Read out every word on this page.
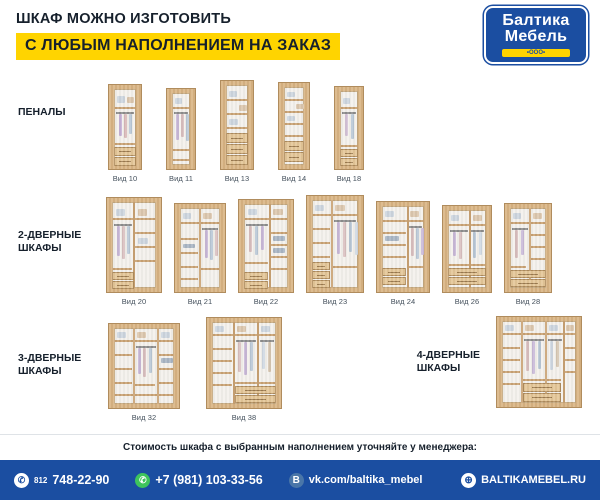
ШКАФ МОЖНО ИЗГОТОВИТЬ
С ЛЮБЫМ НАПОЛНЕНИЕМ НА ЗАКАЗ
Балтика
Мебель
•ООО•
ПЕНАЛЫ
Вид 10	Вид 11	Вид 13	Вид 14	Вид 18
2-ДВЕРНЫЕ
ШКАФЫ
Вид 20	Вид 21	Вид 22	Вид 23	Вид 24	Вид 26	Вид 28
3-ДВЕРНЫЕ
ШКАФЫ
Вид 32	Вид 38
4-ДВЕРНЫЕ
ШКАФЫ
Стоимость шкафа с выбранным наполнением уточняйте у менеджера:
✆	812 748-22-90	✆ +7 (981) 103-33-56	B vk.com/baltika_mebel	⊕ BALTIKAMEBEL.RU
